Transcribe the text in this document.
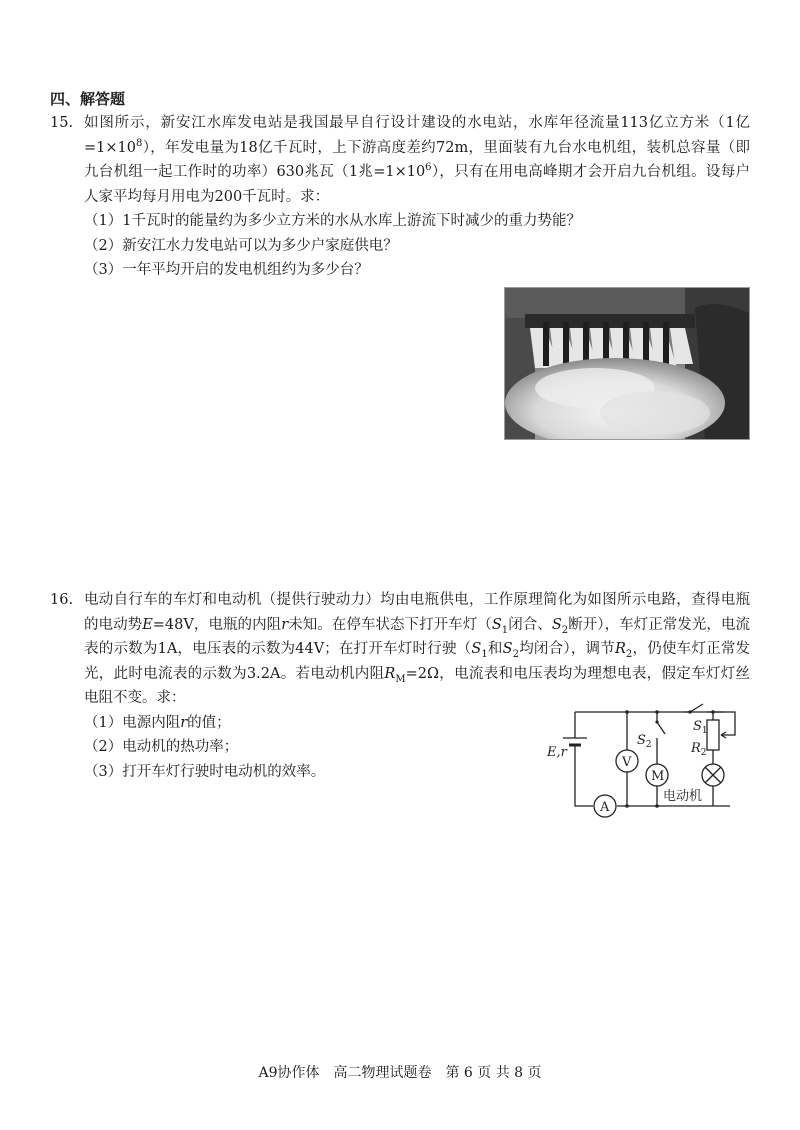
四、解答题
15. 如图所示，新安江水库发电站是我国最早自行设计建设的水电站，水库年径流量113亿立方米（1亿$=1\times 10^8$），年发电量为18亿千瓦时，上下游高度差约72m，里面装有九台水电机组，装机总容量（即九台机组一起工作时的功率）630兆瓦（1兆$=1\times 10^6$），只有在用电高峰期才会开启九台机组。设每户人家平均每月用电为200千瓦时。求：
（1）1千瓦时的能量约为多少立方米的水从水库上游流下时减少的重力势能？
（2）新安江水力发电站可以为多少户家庭供电？
（3）一年平均开启的发电机组约为多少台？
16. 电动自行车的车灯和电动机（提供行驶动力）均由电瓶供电，工作原理简化为如图所示电路，查得电瓶的电动势E=48V，电瓶的内阻r未知。在停车状态下打开车灯（$S_1$闭合、$S_2$断开），车灯正常发光，电流表的示数为1A，电压表的示数为44V；在打开车灯时行驶（$S_1$和$S_2$均闭合），调节$R_2$，仍使车灯正常发光，此时电流表的示数为3.2A。若电动机内阻$R_M=2\Omega$，电流表和电压表均为理想电表，假定车灯灯丝电阻不变。求：
（1）电源内阻r的值；
（2）电动机的热功率；
（3）打开车灯行驶时电动机的效率。
E,r
V
M
A
$S_2$
$S_1$
$R_2$
电动机
A9协作体　高二物理试题卷　第 6 页 共 8 页
